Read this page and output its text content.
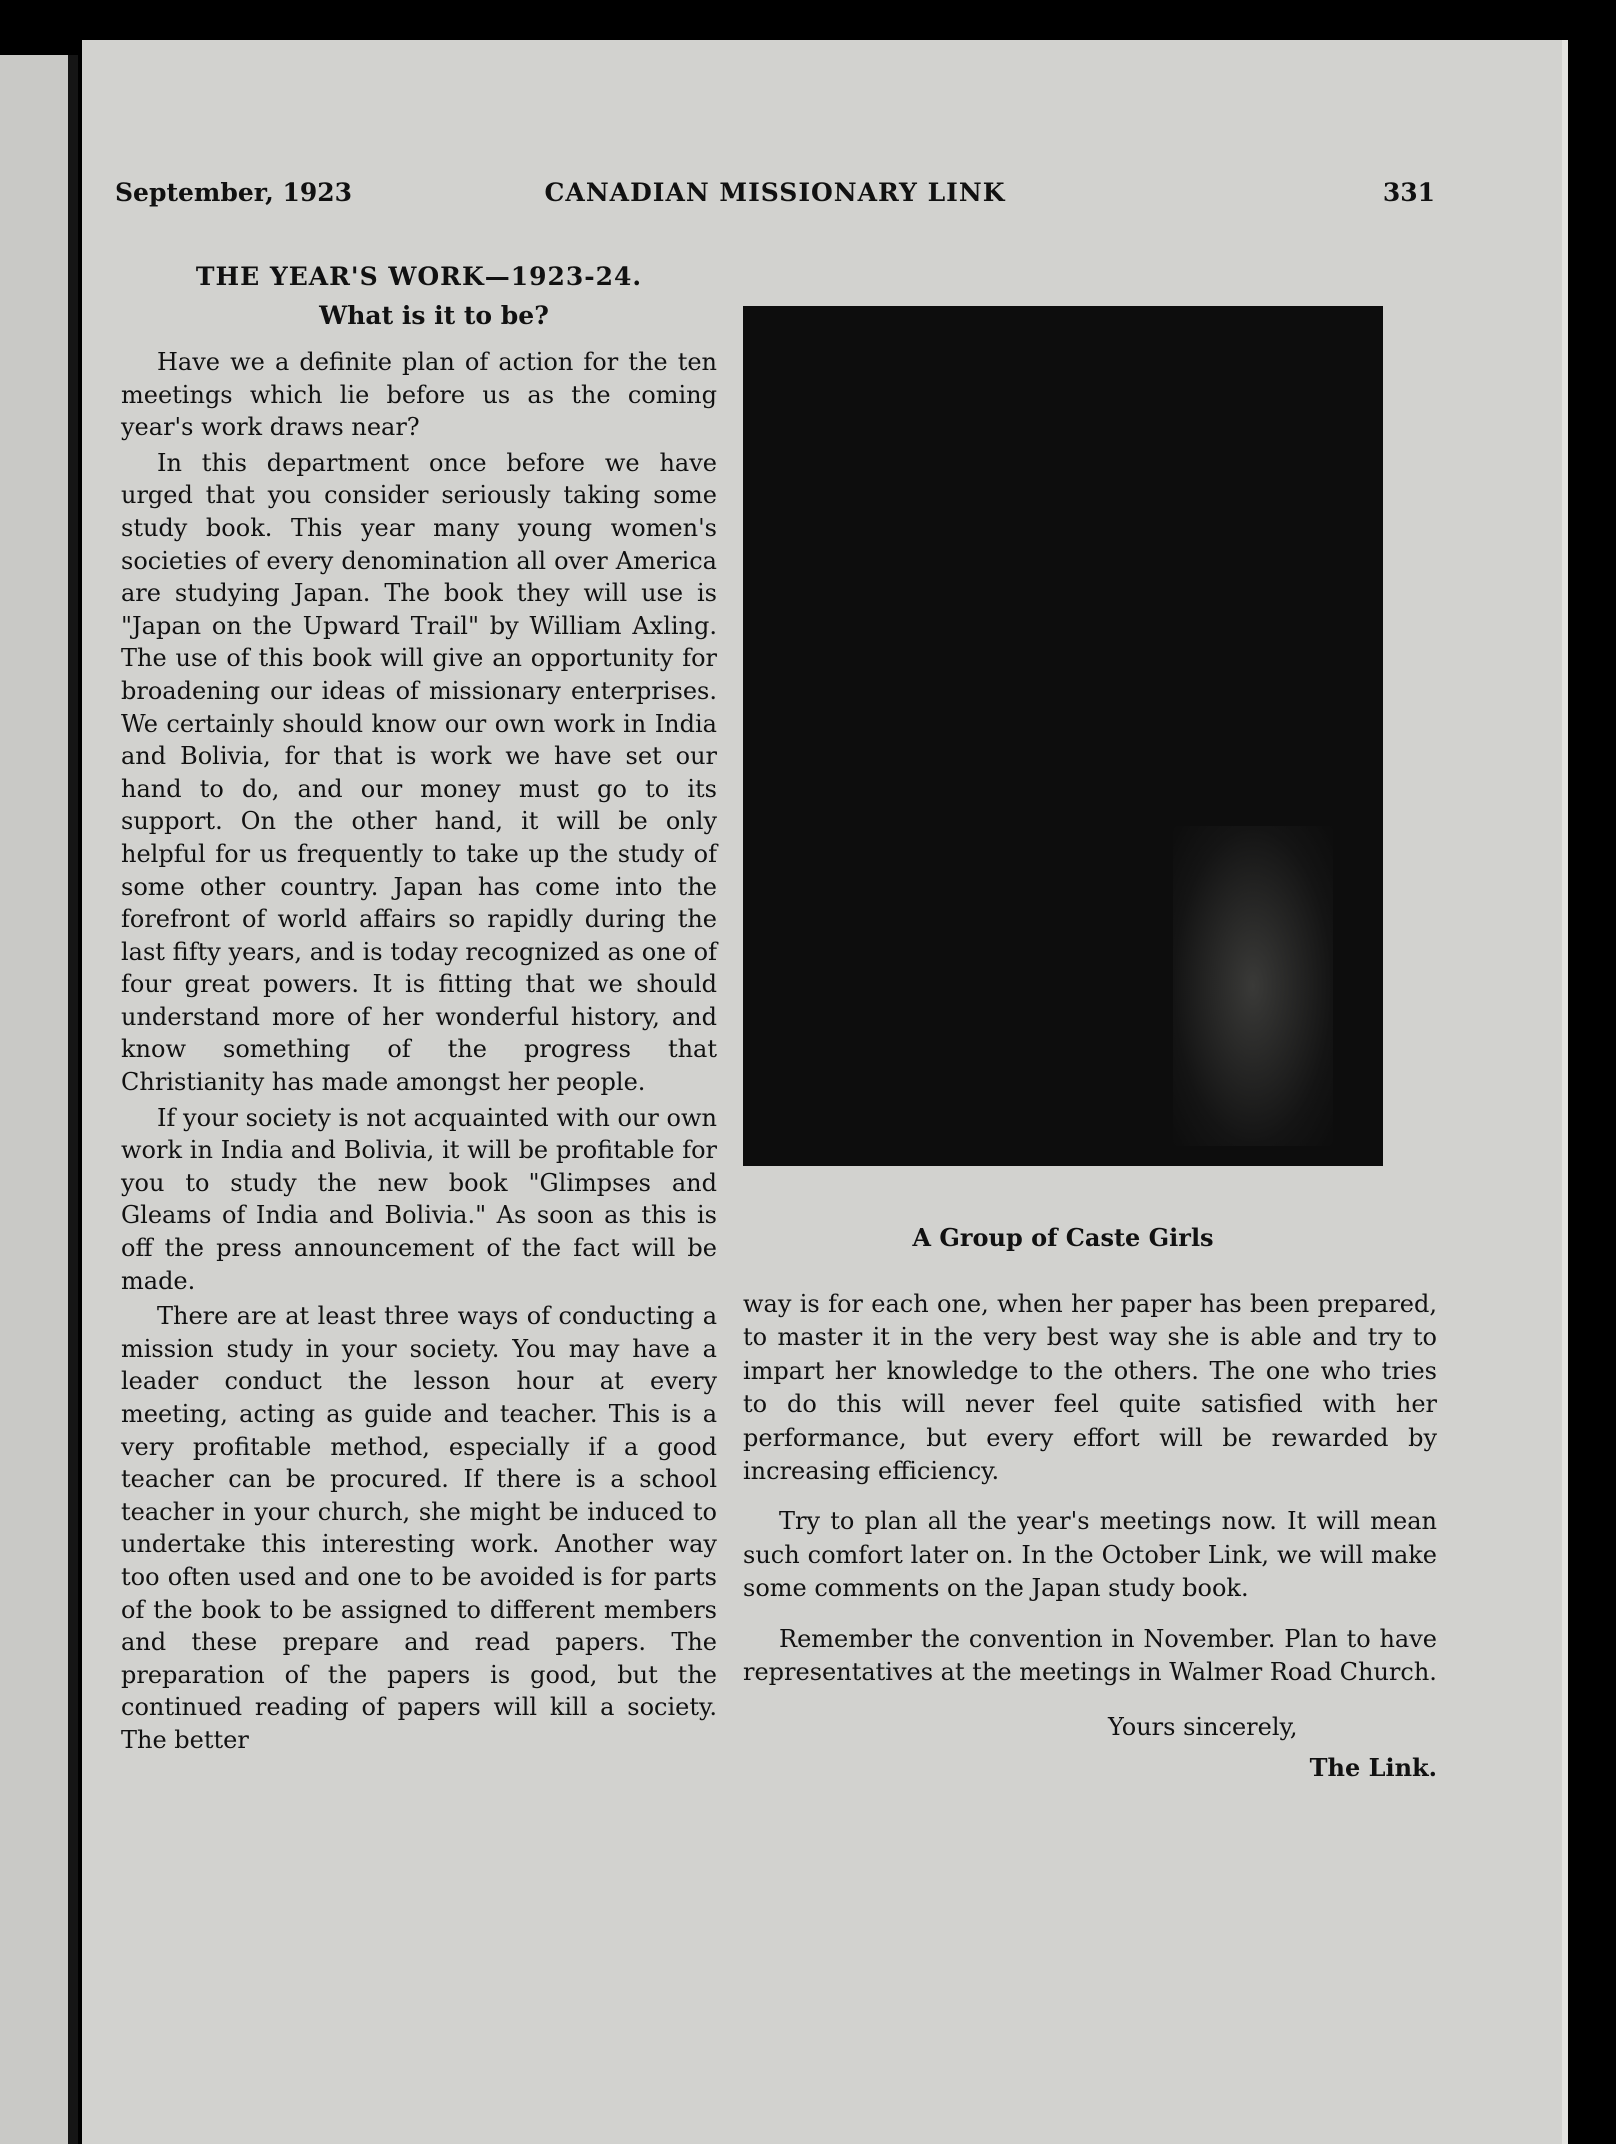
September, 1923	CANADIAN MISSIONARY LINK	331
THE YEAR'S WORK—1923-24.
What is it to be?

Have we a definite plan of action for the ten meetings which lie before us as the coming year's work draws near?

In this department once before we have urged that you consider seriously taking some study book. This year many young women's societies of every denomination all over America are studying Japan. The book they will use is "Japan on the Upward Trail" by William Axling. The use of this book will give an opportunity for broadening our ideas of missionary enterprises. We certainly should know our own work in India and Bolivia, for that is work we have set our hand to do, and our money must go to its support. On the other hand, it will be only helpful for us frequently to take up the study of some other country. Japan has come into the forefront of world affairs so rapidly during the last fifty years, and is today recognized as one of four great powers. It is fitting that we should understand more of her wonderful history, and know something of the progress that Christianity has made amongst her people.

If your society is not acquainted with our own work in India and Bolivia, it will be profitable for you to study the new book "Glimpses and Gleams of India and Bolivia." As soon as this is off the press announcement of the fact will be made.

There are at least three ways of conducting a mission study in your society. You may have a leader conduct the lesson hour at every meeting, acting as guide and teacher. This is a very profitable method, especially if a good teacher can be procured. If there is a school teacher in your church, she might be induced to undertake this interesting work. Another way too often used and one to be avoided is for parts of the book to be assigned to different members and these prepare and read papers. The preparation of the papers is good, but the continued reading of papers will kill a society. The better

A Group of Caste Girls

way is for each one, when her paper has been prepared, to master it in the very best way she is able and try to impart her knowledge to the others. The one who tries to do this will never feel quite satisfied with her performance, but every effort will be rewarded by increasing efficiency.

Try to plan all the year's meetings now. It will mean such comfort later on. In the October Link, we will make some comments on the Japan study book.

Remember the convention in November. Plan to have representatives at the meetings in Walmer Road Church.

Yours sincerely,
The Link.
